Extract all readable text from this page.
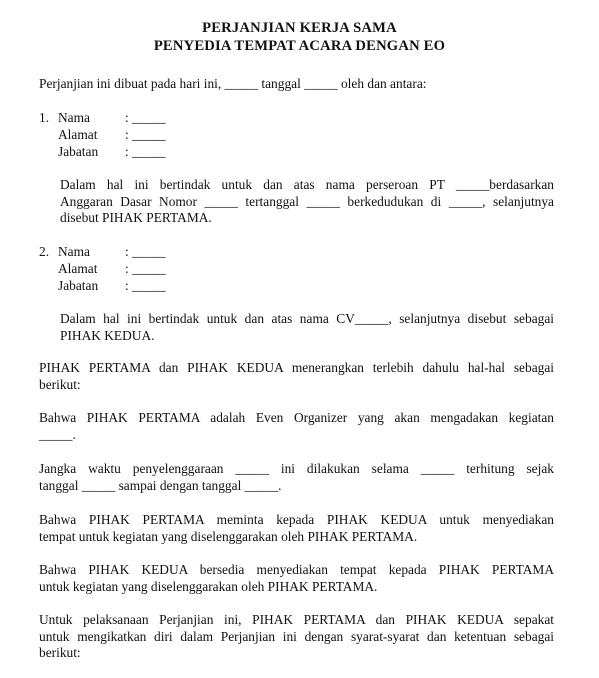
PERJANJIAN KERJA SAMA
PENYEDIA TEMPAT ACARA DENGAN EO
Perjanjian ini dibuat pada hari ini, _____ tanggal _____ oleh dan antara:
1. Nama	: _____
Alamat : _____
Jabatan : _____
Dalam hal ini bertindak untuk dan atas nama perseroan PT _____berdasarkan
Anggaran Dasar Nomor _____ tertanggal _____ berkedudukan di _____, selanjutnya
disebut PIHAK PERTAMA.
2. Nama	: _____
Alamat : _____
Jabatan : _____
Dalam hal ini bertindak untuk dan atas nama CV_____, selanjutnya disebut sebagai
PIHAK KEDUA.
PIHAK PERTAMA dan PIHAK KEDUA menerangkan terlebih dahulu hal-hal sebagai
berikut:
Bahwa PIHAK PERTAMA adalah Even Organizer yang akan mengadakan kegiatan
_____.
Jangka waktu penyelenggaraan _____ ini dilakukan selama _____ terhitung sejak
tanggal _____ sampai dengan tanggal _____.
Bahwa PIHAK PERTAMA meminta kepada PIHAK KEDUA untuk menyediakan
tempat untuk kegiatan yang diselenggarakan oleh PIHAK PERTAMA.
Bahwa PIHAK KEDUA bersedia menyediakan tempat kepada PIHAK PERTAMA
untuk kegiatan yang diselenggarakan oleh PIHAK PERTAMA.
Untuk pelaksanaan Perjanjian ini, PIHAK PERTAMA dan PIHAK KEDUA sepakat
untuk mengikatkan diri dalam Perjanjian ini dengan syarat-syarat dan ketentuan sebagai
berikut:
